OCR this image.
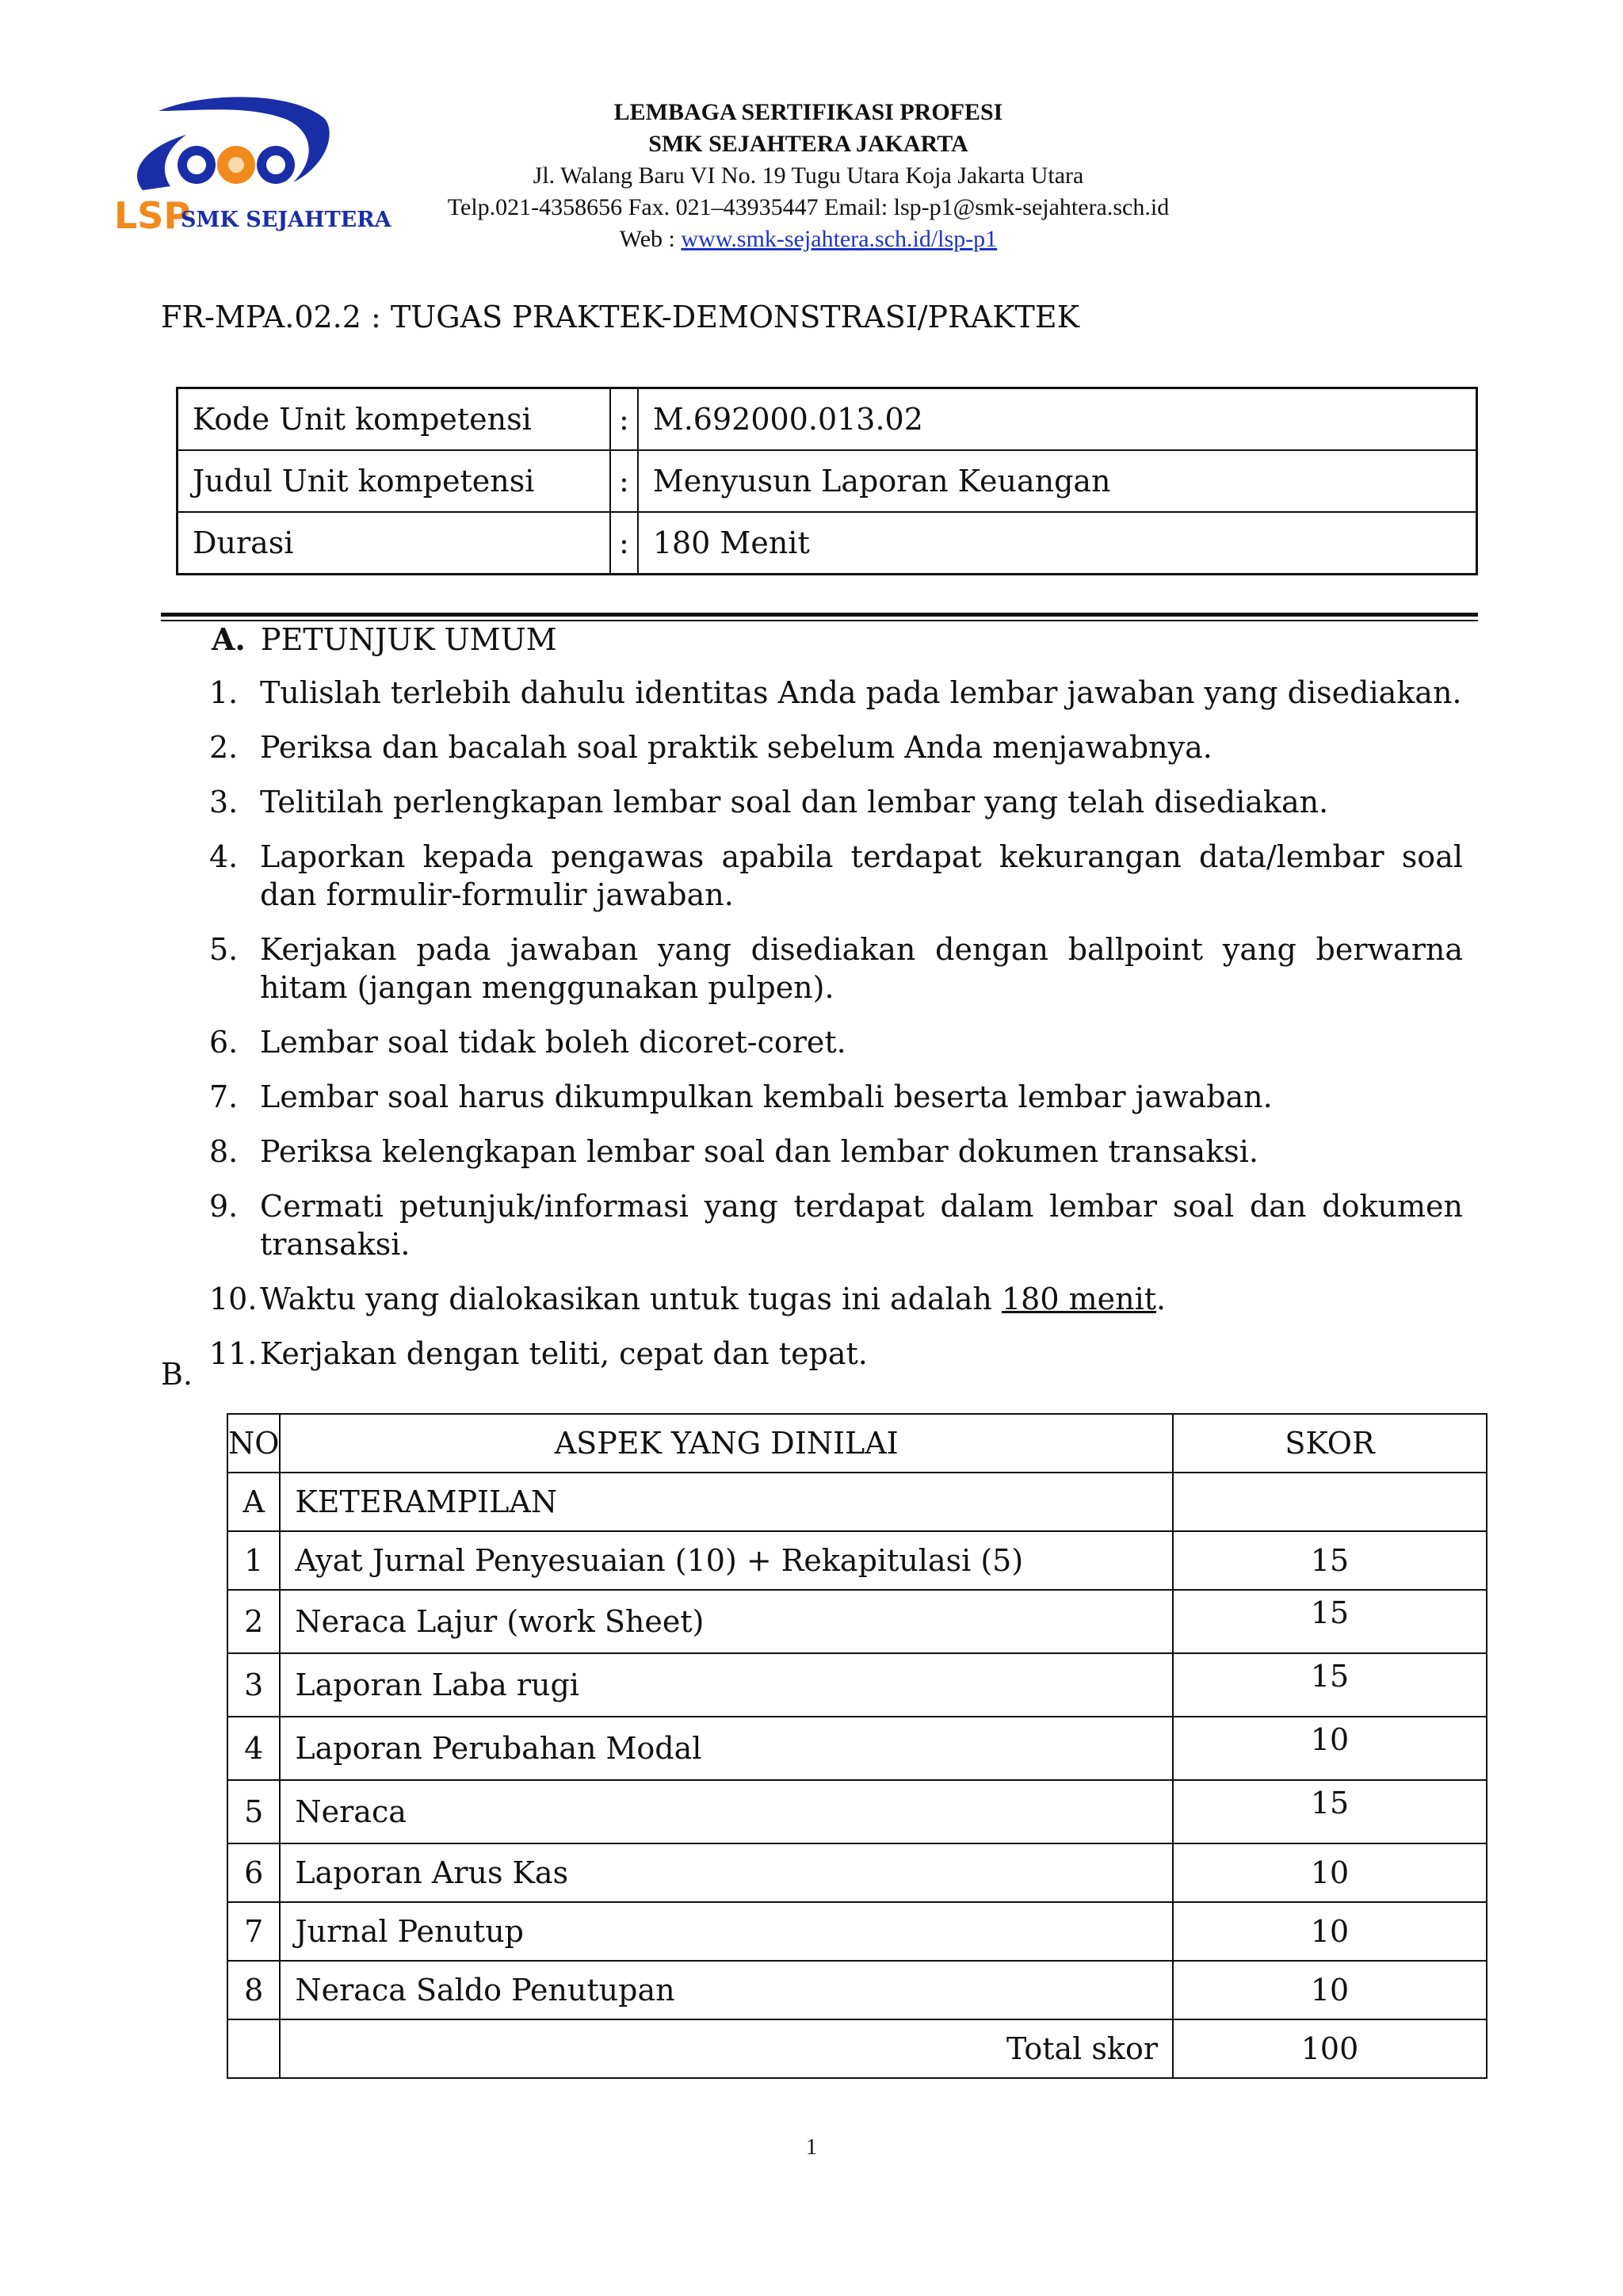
LSP
SMK SEJAHTERA
LEMBAGA SERTIFIKASI PROFESI
SMK SEJAHTERA JAKARTA
Jl. Walang Baru VI No. 19 Tugu Utara Koja Jakarta Utara
Telp.021-4358656 Fax. 021–43935447 Email: lsp-p1@smk-sejahtera.sch.id
Web : www.smk-sejahtera.sch.id/lsp-p1
FR-MPA.02.2 : TUGAS PRAKTEK-DEMONSTRASI/PRAKTEK
Kode Unit kompetensi	:	M.692000.013.02
Judul Unit kompetensi	:	Menyusun Laporan Keuangan
Durasi	:	180 Menit
A. PETUNJUK UMUM
1. Tulislah terlebih dahulu identitas Anda pada lembar jawaban yang disediakan.
2. Periksa dan bacalah soal praktik sebelum Anda menjawabnya.
3. Telitilah perlengkapan lembar soal dan lembar yang telah disediakan.
4. Laporkan kepada pengawas apabila terdapat kekurangan data/lembar soal dan formulir-formulir jawaban.
5. Kerjakan pada jawaban yang disediakan dengan ballpoint yang berwarna hitam (jangan menggunakan pulpen).
6. Lembar soal tidak boleh dicoret-coret.
7. Lembar soal harus dikumpulkan kembali beserta lembar jawaban.
8. Periksa kelengkapan lembar soal dan lembar dokumen transaksi.
9. Cermati petunjuk/informasi yang terdapat dalam lembar soal dan dokumen transaksi.
10. Waktu yang dialokasikan untuk tugas ini adalah 180 menit.
11. Kerjakan dengan teliti, cepat dan tepat.
B.
NO	ASPEK YANG DINILAI	SKOR
A	KETERAMPILAN	
1	Ayat Jurnal Penyesuaian (10) + Rekapitulasi (5)	15
2	Neraca Lajur (work Sheet)	15
3	Laporan Laba rugi	15
4	Laporan Perubahan Modal	10
5	Neraca	15
6	Laporan Arus Kas	10
7	Jurnal Penutup	10
8	Neraca Saldo Penutupan	10
	Total skor	100
1
